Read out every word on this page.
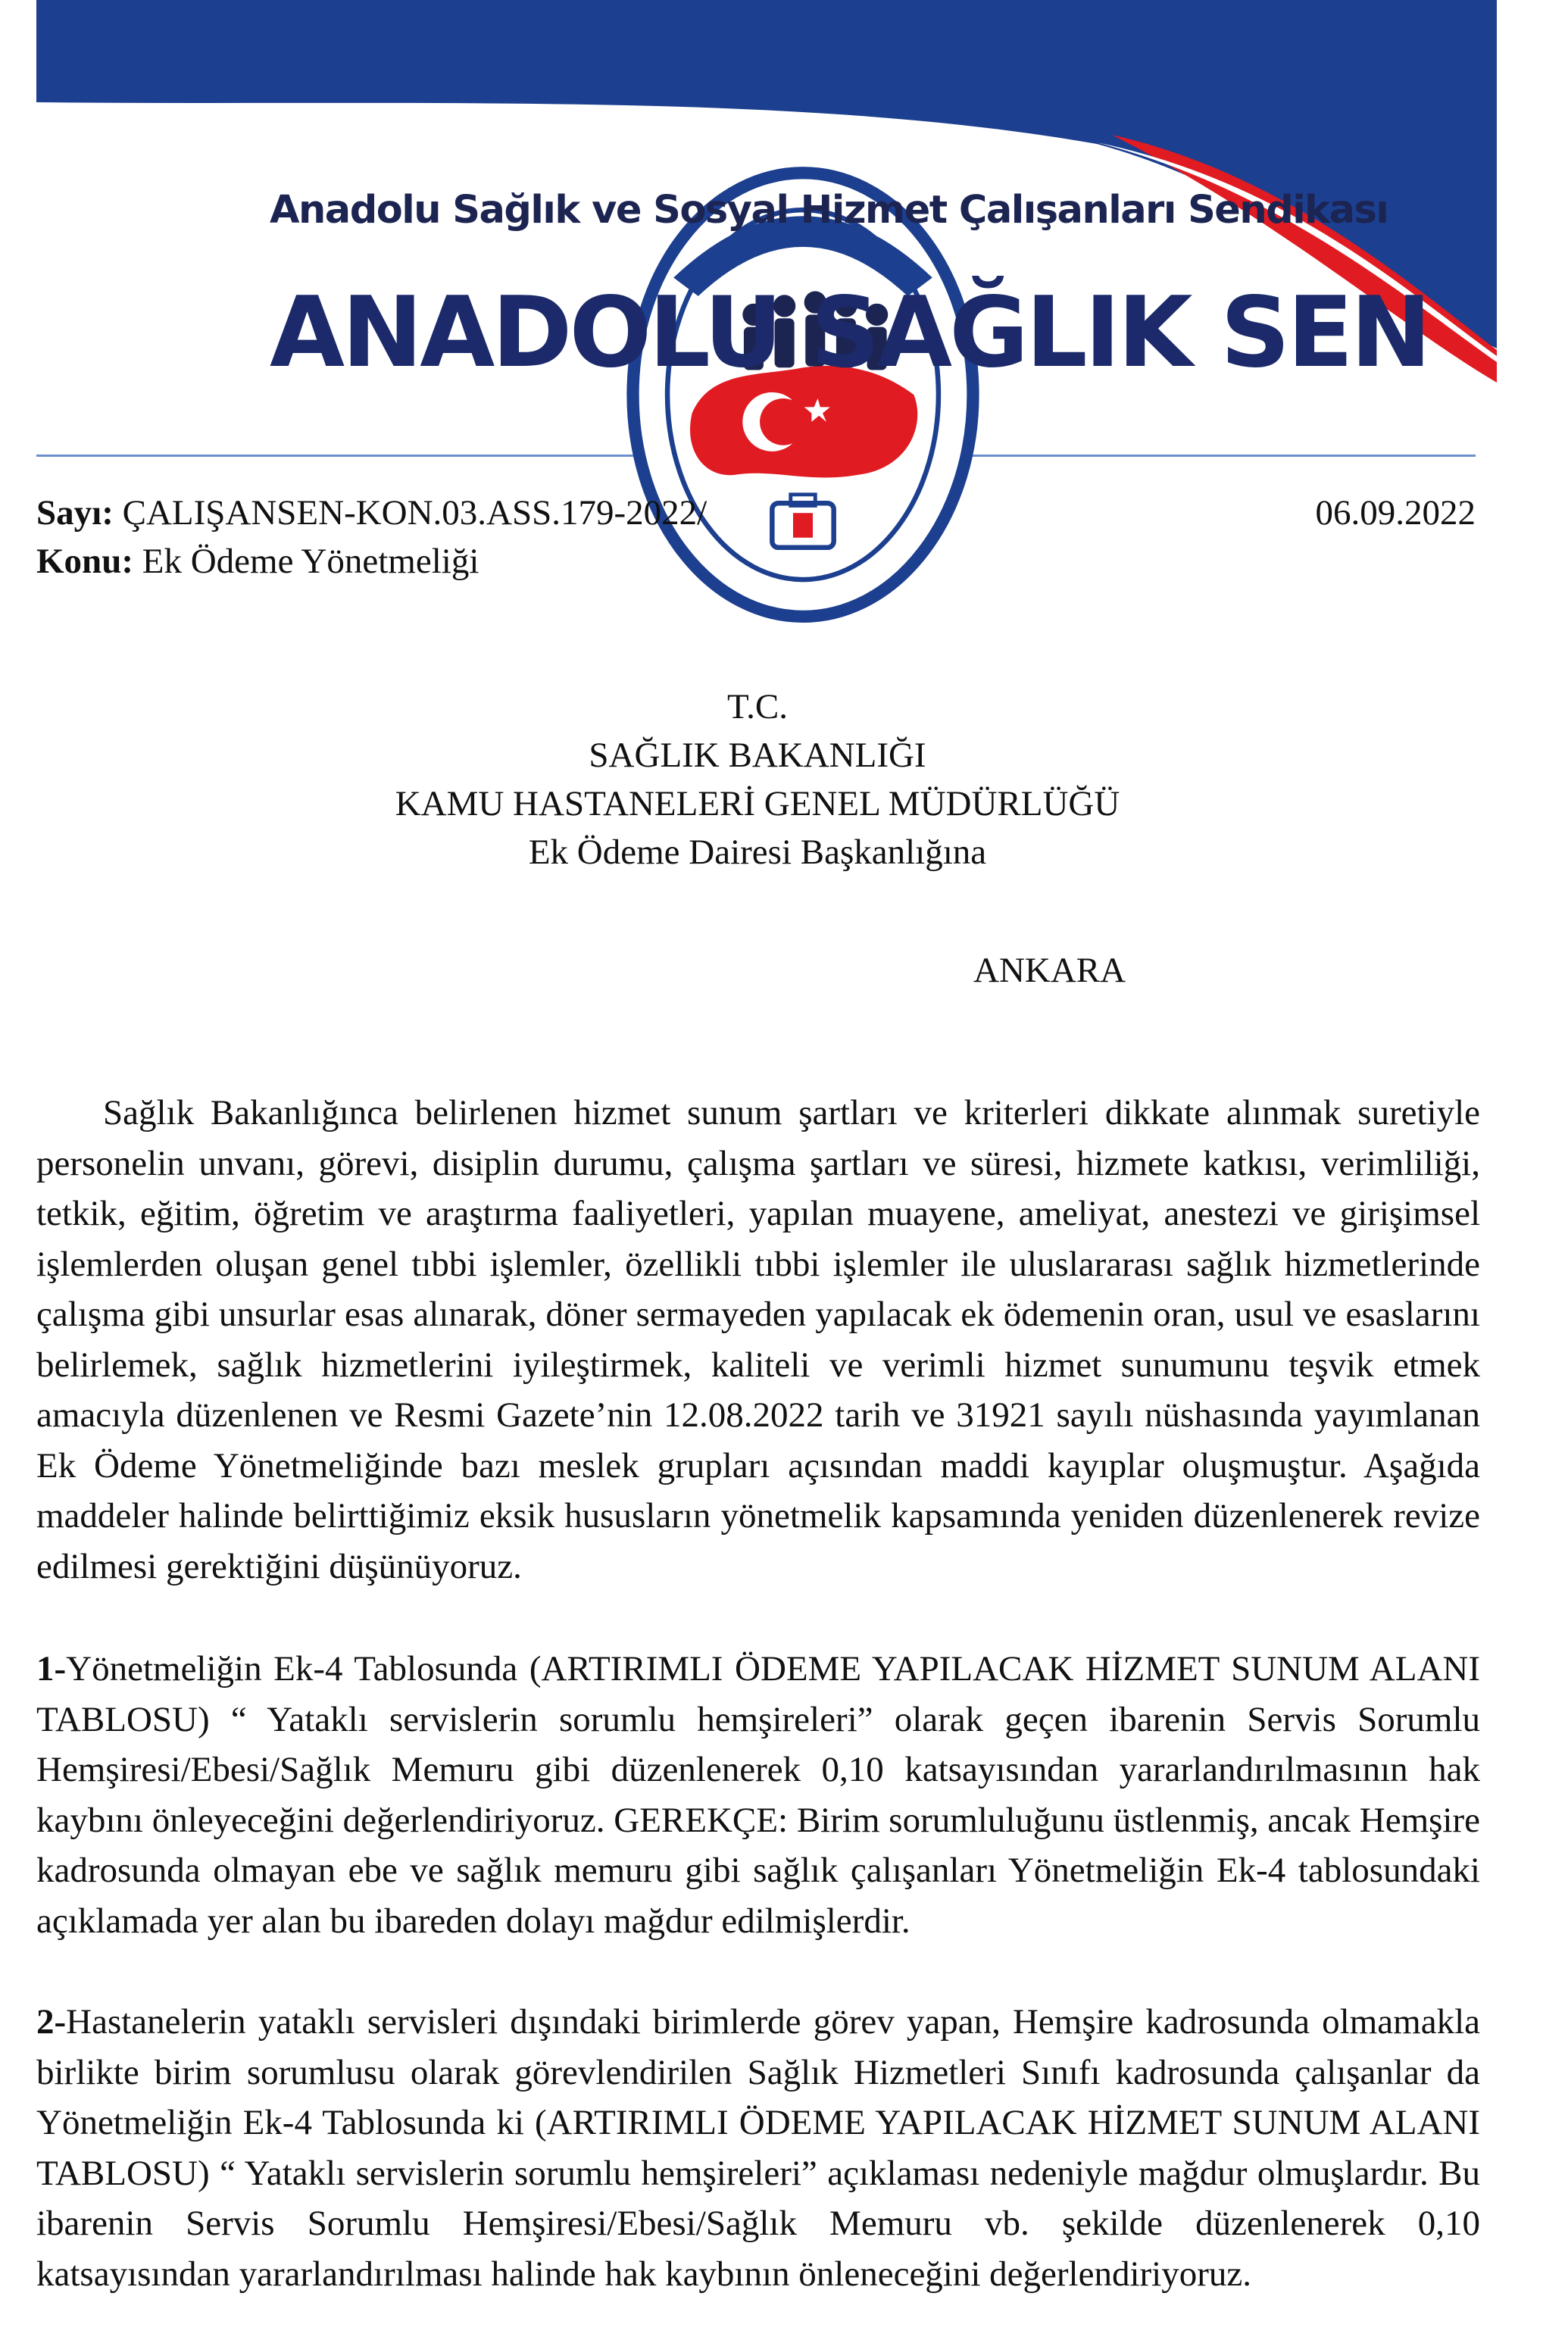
Anadolu Sağlık ve Sosyal Hizmet Çalışanları Sendikası
ANADOLU SAĞLIK SEN
Sayı: ÇALIŞANSEN-KON.03.ASS.179-2022/	06.09.2022
Konu: Ek Ödeme Yönetmeliği
T.C.
SAĞLIK BAKANLIĞI
KAMU HASTANELERİ GENEL MÜDÜRLÜĞÜ
Ek Ödeme Dairesi Başkanlığına
ANKARA
Sağlık Bakanlığınca belirlenen hizmet sunum şartları ve kriterleri dikkate alınmak suretiyle personelin unvanı, görevi, disiplin durumu, çalışma şartları ve süresi, hizmete katkısı, verimliliği, tetkik, eğitim, öğretim ve araştırma faaliyetleri, yapılan muayene, ameliyat, anestezi ve girişimsel işlemlerden oluşan genel tıbbi işlemler, özellikli tıbbi işlemler ile uluslararası sağlık hizmetlerinde çalışma gibi unsurlar esas alınarak, döner sermayeden yapılacak ek ödemenin oran, usul ve esaslarını belirlemek, sağlık hizmetlerini iyileştirmek, kaliteli ve verimli hizmet sunumunu teşvik etmek amacıyla düzenlenen ve Resmi Gazete’nin 12.08.2022 tarih ve 31921 sayılı nüshasında yayımlanan Ek Ödeme Yönetmeliğinde bazı meslek grupları açısından maddi kayıplar oluşmuştur. Aşağıda maddeler halinde belirttiğimiz eksik hususların yönetmelik kapsamında yeniden düzenlenerek revize edilmesi gerektiğini düşünüyoruz.
1-Yönetmeliğin Ek-4 Tablosunda (ARTIRIMLI ÖDEME YAPILACAK HİZMET SUNUM ALANI TABLOSU) “ Yataklı servislerin sorumlu hemşireleri” olarak geçen ibarenin Servis Sorumlu Hemşiresi/Ebesi/Sağlık Memuru gibi düzenlenerek 0,10 katsayısından yararlandırılmasının hak kaybını önleyeceğini değerlendiriyoruz. GEREKÇE: Birim sorumluluğunu üstlenmiş, ancak Hemşire kadrosunda olmayan ebe ve sağlık memuru gibi sağlık çalışanları Yönetmeliğin Ek-4 tablosundaki açıklamada yer alan bu ibareden dolayı mağdur edilmişlerdir.
2-Hastanelerin yataklı servisleri dışındaki birimlerde görev yapan, Hemşire kadrosunda olmamakla birlikte birim sorumlusu olarak görevlendirilen Sağlık Hizmetleri Sınıfı kadrosunda çalışanlar da Yönetmeliğin Ek-4 Tablosunda ki (ARTIRIMLI ÖDEME YAPILACAK HİZMET SUNUM ALANI TABLOSU) “ Yataklı servislerin sorumlu hemşireleri” açıklaması nedeniyle mağdur olmuşlardır. Bu ibarenin Servis Sorumlu Hemşiresi/Ebesi/Sağlık Memuru vb. şekilde düzenlenerek 0,10 katsayısından yararlandırılması halinde hak kaybının önleneceğini değerlendiriyoruz.
